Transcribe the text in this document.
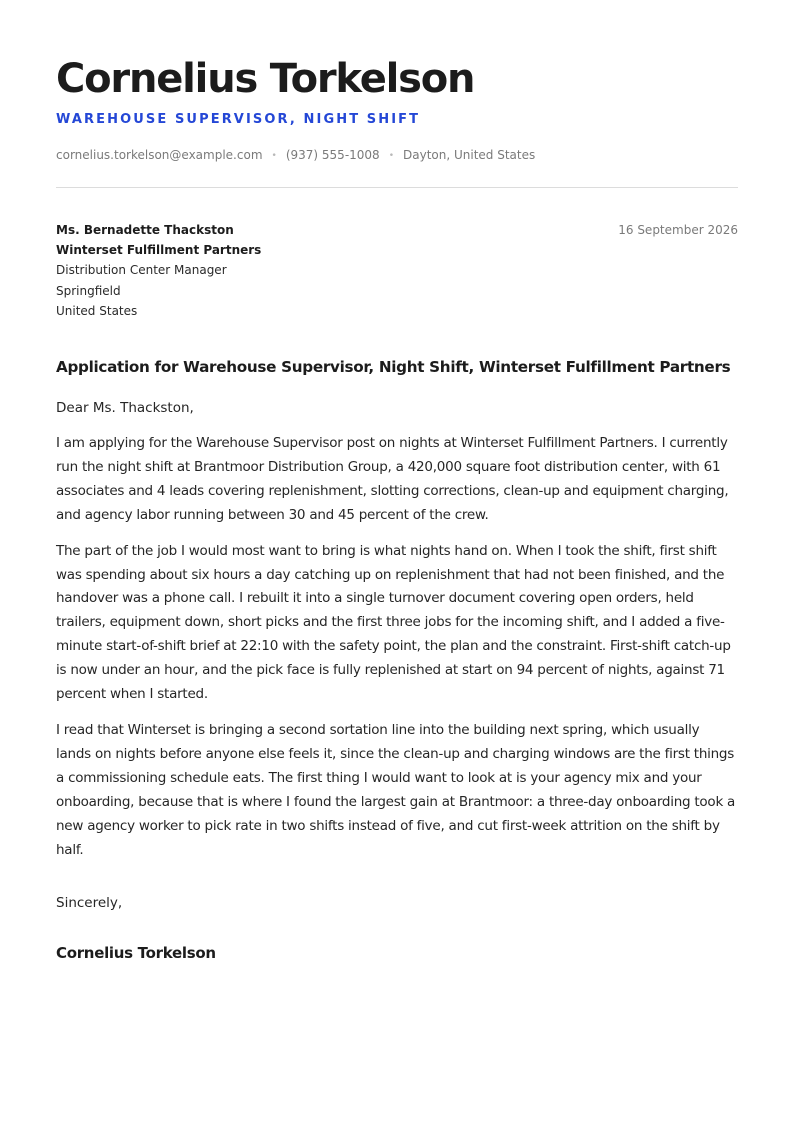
Cornelius Torkelson
WAREHOUSE SUPERVISOR, NIGHT SHIFT
cornelius.torkelson@example.com • (937) 555-1008 • Dayton, United States
Ms. Bernadette Thackston
Winterset Fulfillment Partners
Distribution Center Manager
Springfield
United States
16 September 2026
Application for Warehouse Supervisor, Night Shift, Winterset Fulfillment Partners
Dear Ms. Thackston,

I am applying for the Warehouse Supervisor post on nights at Winterset Fulfillment Partners. I currently run the night shift at Brantmoor Distribution Group, a 420,000 square foot distribution center, with 61 associates and 4 leads covering replenishment, slotting corrections, clean-up and equipment charging, and agency labor running between 30 and 45 percent of the crew.

The part of the job I would most want to bring is what nights hand on. When I took the shift, first shift was spending about six hours a day catching up on replenishment that had not been finished, and the handover was a phone call. I rebuilt it into a single turnover document covering open orders, held trailers, equipment down, short picks and the first three jobs for the incoming shift, and I added a five-minute start-of-shift brief at 22:10 with the safety point, the plan and the constraint. First-shift catch-up is now under an hour, and the pick face is fully replenished at start on 94 percent of nights, against 71 percent when I started.

I read that Winterset is bringing a second sortation line into the building next spring, which usually lands on nights before anyone else feels it, since the clean-up and charging windows are the first things a commissioning schedule eats. The first thing I would want to look at is your agency mix and your onboarding, because that is where I found the largest gain at Brantmoor: a three-day onboarding took a new agency worker to pick rate in two shifts instead of five, and cut first-week attrition on the shift by half.

Sincerely,
Cornelius Torkelson
